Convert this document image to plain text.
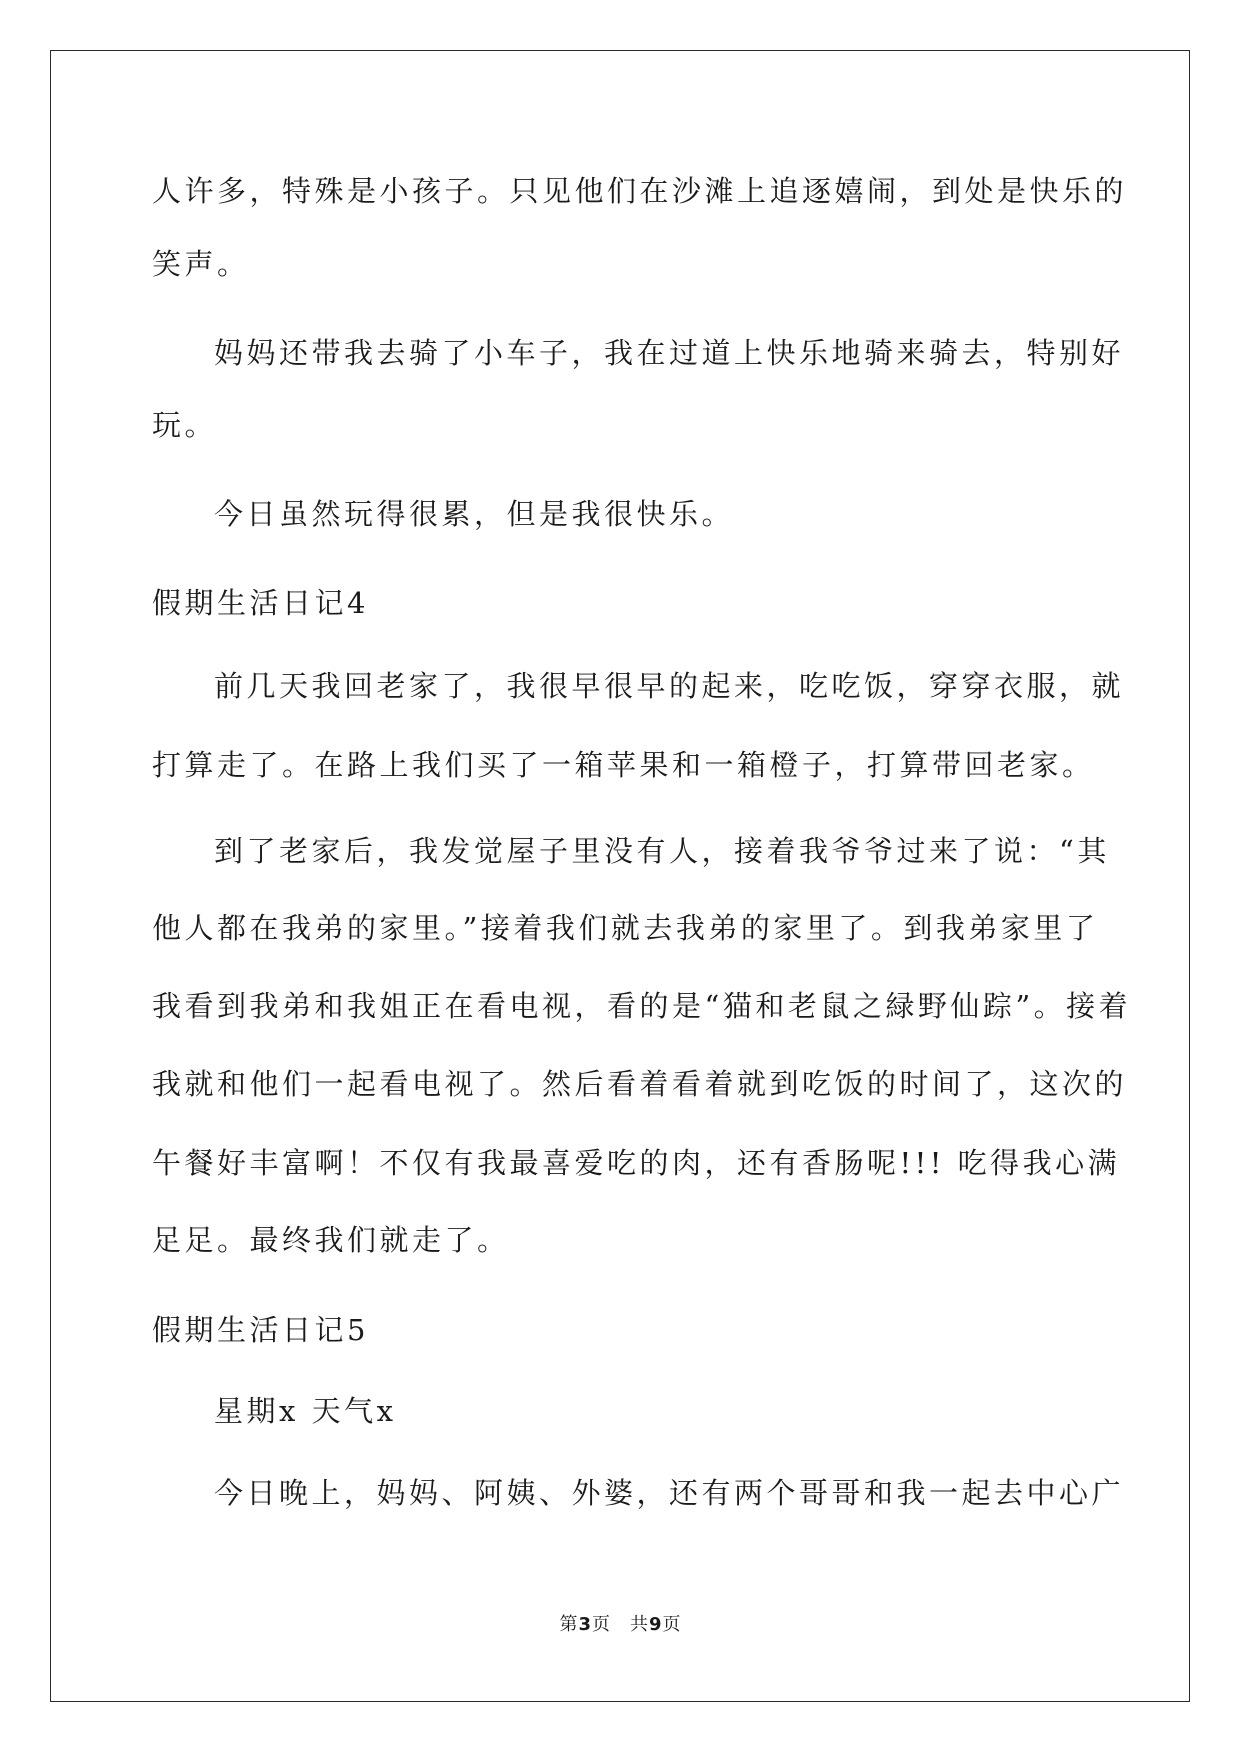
人许多，特殊是小孩子。只见他们在沙滩上追逐嬉闹，到处是快乐的
笑声。
妈妈还带我去骑了小车子，我在过道上快乐地骑来骑去，特别好
玩。
今日虽然玩得很累，但是我很快乐。
假期生活日记4
前几天我回老家了，我很早很早的起来，吃吃饭，穿穿衣服，就
打算走了。在路上我们买了一箱苹果和一箱橙子，打算带回老家。
到了老家后，我发觉屋子里没有人，接着我爷爷过来了说：“其
他人都在我弟的家里。”接着我们就去我弟的家里了。到我弟家里了
我看到我弟和我姐正在看电视，看的是“猫和老鼠之緑野仙踪”。接着
我就和他们一起看电视了。然后看着看着就到吃饭的时间了，这次的
午餐好丰富啊！不仅有我最喜爱吃的肉，还有香肠呢!!! 吃得我心满
足足。最终我们就走了。
假期生活日记5
星期x 天气x
今日晚上，妈妈、阿姨、外婆，还有两个哥哥和我一起去中心广
第3页　共9页
